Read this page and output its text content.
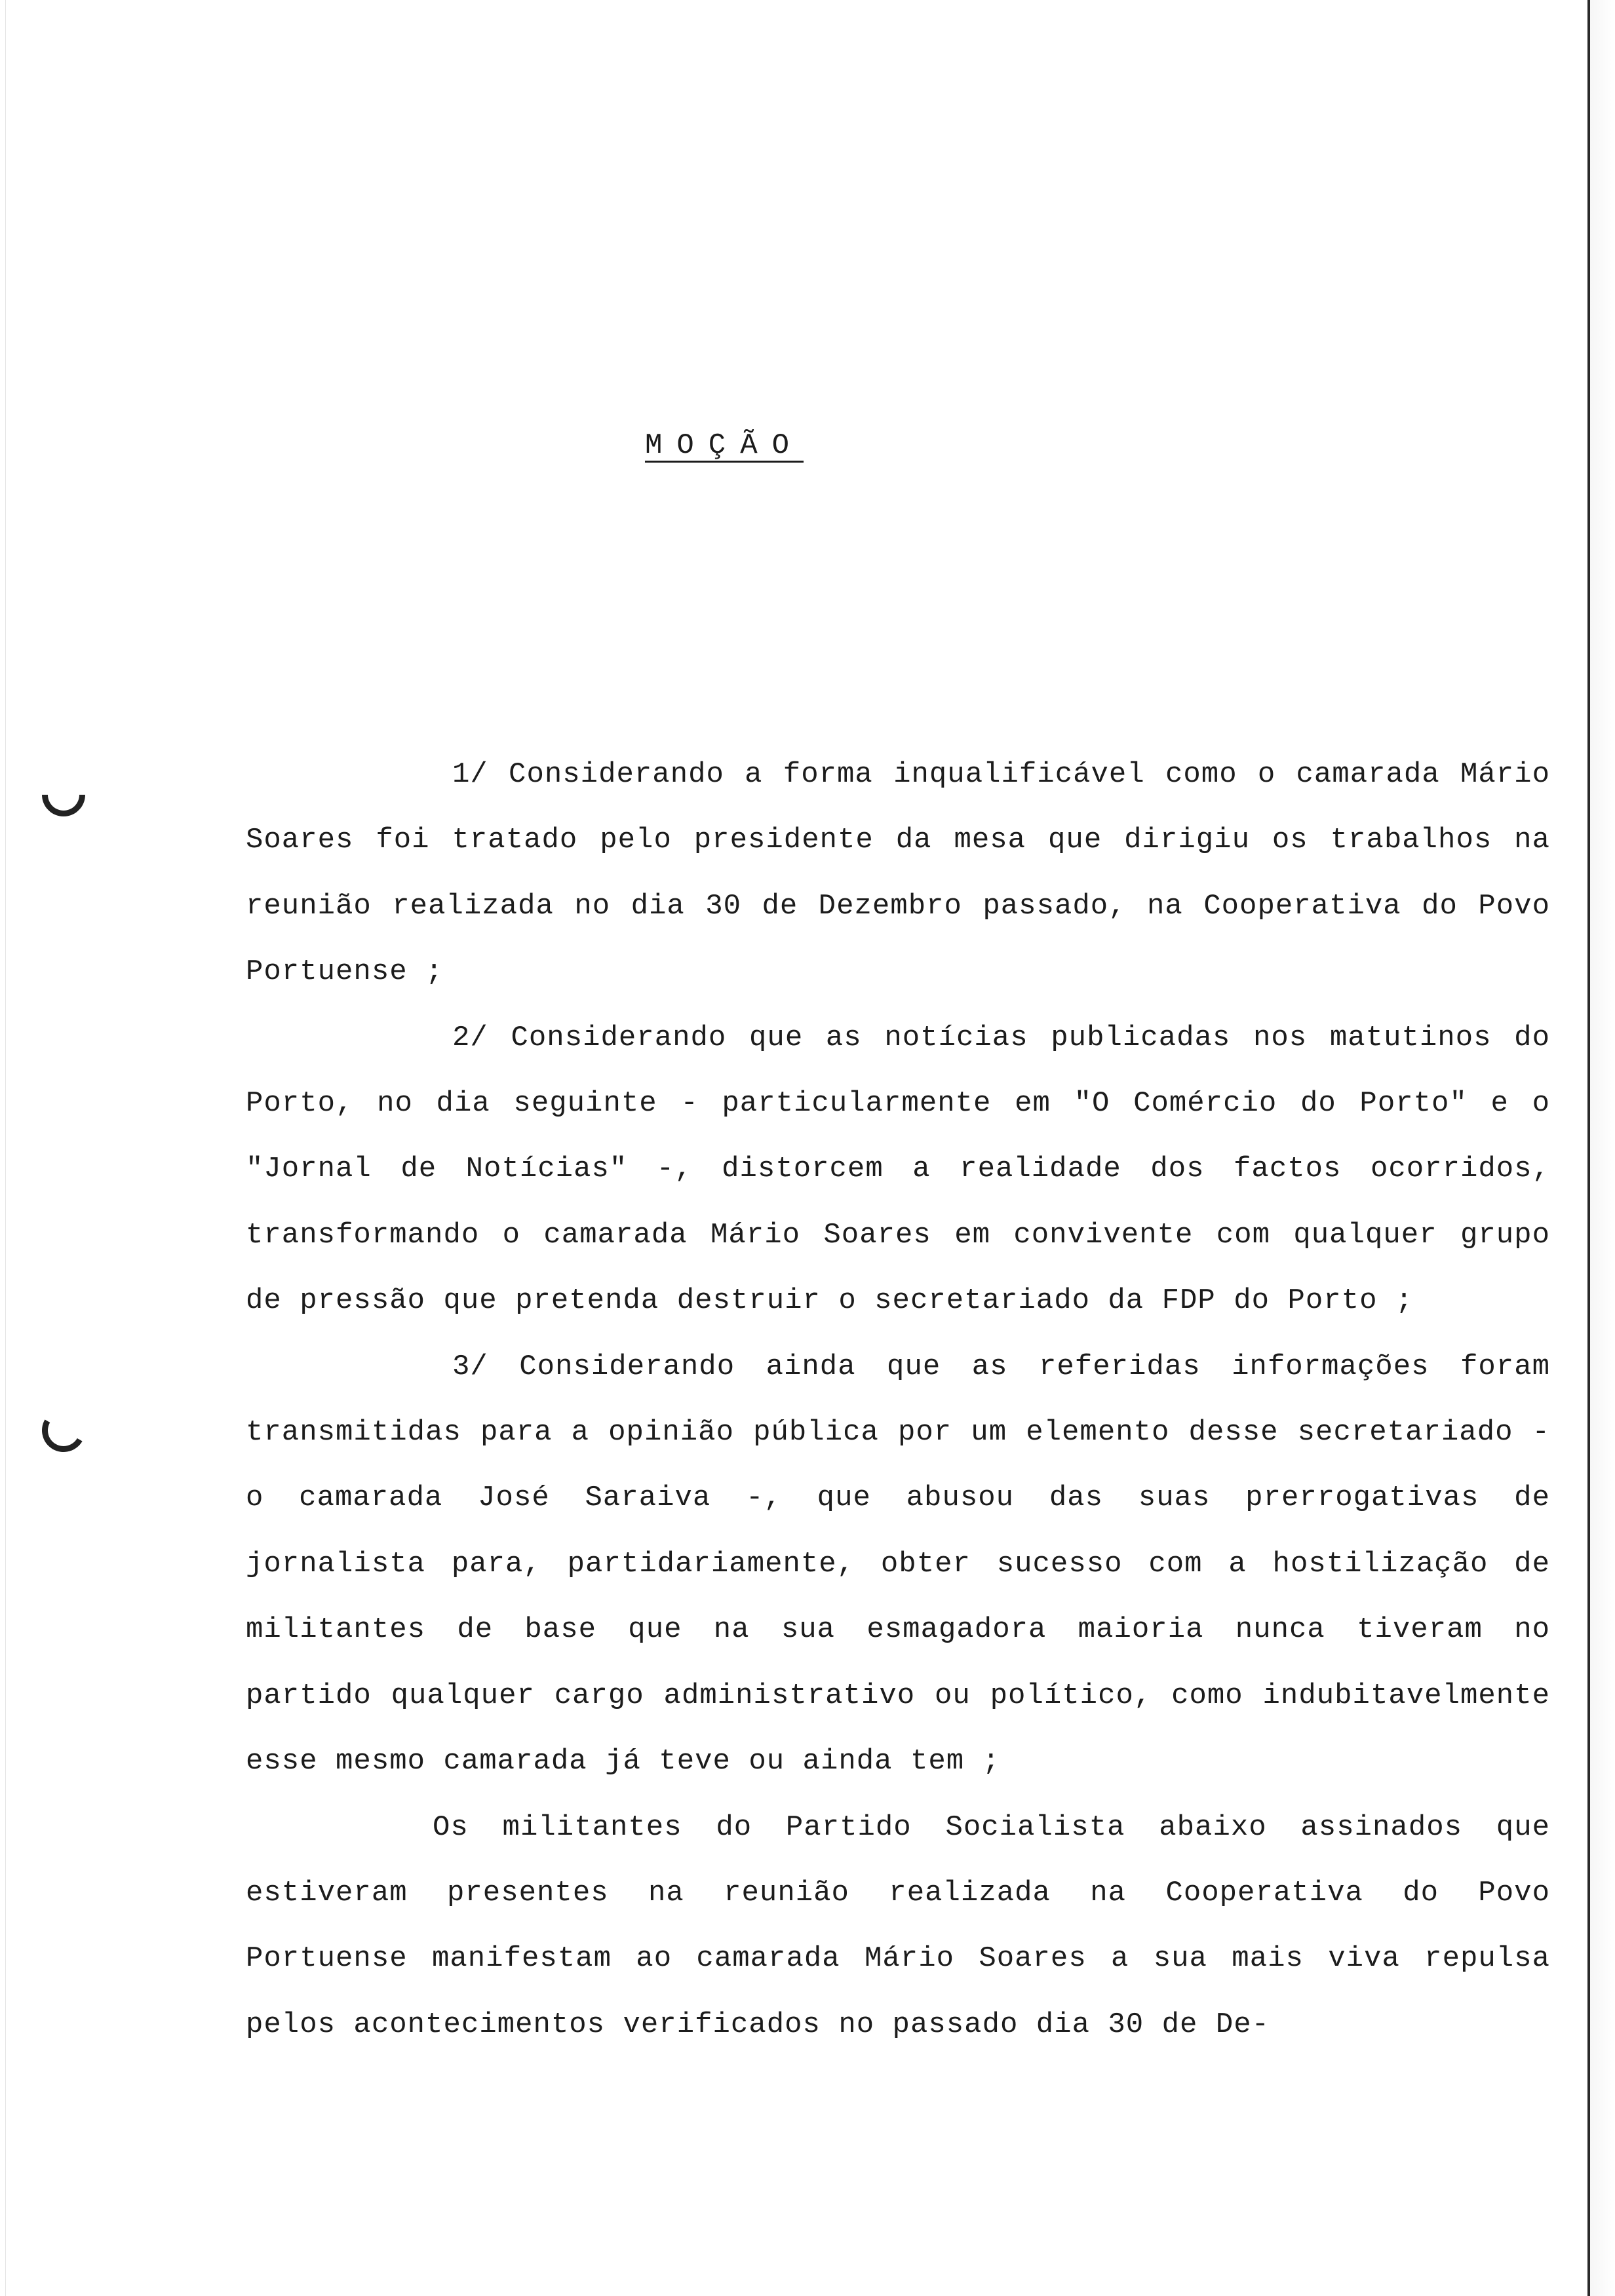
MOÇÃO

1/ Considerando a forma inqualificável como o camarada Mário Soares foi tratado pelo presidente da mesa que dirigiu os trabalhos na reunião realizada no dia 30 de Dezembro passado, na Cooperativa do Povo Portuense ;

2/ Considerando que as notícias publicadas nos matutinos do Porto, no dia seguinte - particularmente em "O Comércio do Porto" e o "Jornal de Notícias" -, distorcem a realidade dos factos ocorridos, transformando o camarada Mário Soares em convivente com qualquer grupo de pressão que pretenda destruir o secretariado da FDP do Porto ;

3/ Considerando ainda que as referidas informações foram transmitidas para a opinião pública por um elemento desse secretariado - o camarada José Saraiva -, que abusou das suas prerrogativas de jornalista para, partidariamente, obter sucesso com a hostilização de militantes de base que na sua esmagadora maioria nunca tiveram no partido qualquer cargo administrativo ou político, como indubitavelmente esse mesmo camarada já teve ou ainda tem ;

Os militantes do Partido Socialista abaixo assinados que estiveram presentes na reunião realizada na Cooperativa do Povo Portuense manifestam ao camarada Mário Soares a sua mais viva repulsa pelos acontecimentos verificados no passado dia 30 de De-
